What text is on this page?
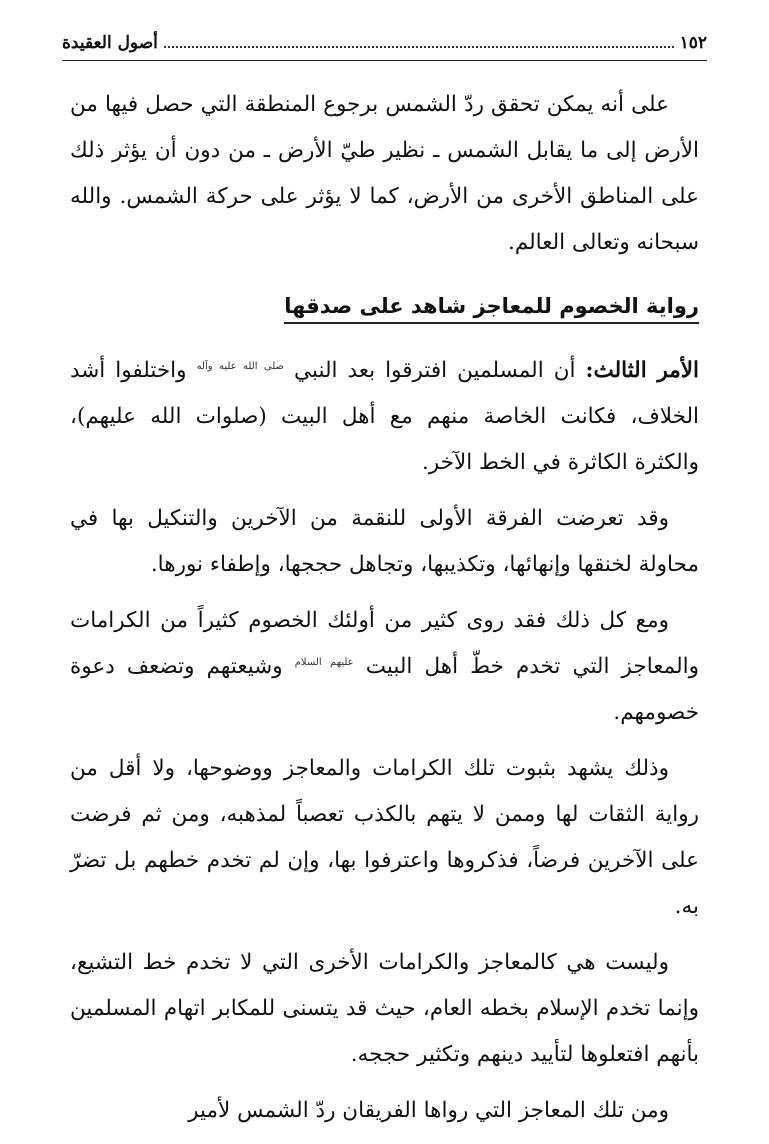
١٥٢
أصول العقيدة

على أنه يمكن تحقق ردّ الشمس برجوع المنطقة التي حصل فيها من الأرض إلى ما يقابل الشمس ـ نظير طيّ الأرض ـ من دون أن يؤثر ذلك على المناطق الأخرى من الأرض، كما لا يؤثر على حركة الشمس. والله سبحانه وتعالى العالم.

رواية الخصوم للمعاجز شاهد على صدقها

الأمر الثالث: أن المسلمين افترقوا بعد النبي $^{صلى الله عليه وآله}$ واختلفوا أشد الخلاف، فكانت الخاصة منهم مع أهل البيت (صلوات الله عليهم)، والكثرة الكاثرة في الخط الآخر.

وقد تعرضت الفرقة الأولى للنقمة من الآخرين والتنكيل بها في محاولة لخنقها وإنهائها، وتكذيبها، وتجاهل حججها، وإطفاء نورها.

ومع كل ذلك فقد روى كثير من أولئك الخصوم كثيراً من الكرامات والمعاجز التي تخدم خطّ أهل البيت $^{عليهم السلام}$ وشيعتهم وتضعف دعوة خصومهم.

وذلك يشهد بثبوت تلك الكرامات والمعاجز ووضوحها، ولا أقل من رواية الثقات لها وممن لا يتهم بالكذب تعصباً لمذهبه، ومن ثم فرضت على الآخرين فرضاً، فذكروها واعترفوا بها، وإن لم تخدم خطهم بل تضرّ به.

وليست هي كالمعاجز والكرامات الأخرى التي لا تخدم خط التشيع، وإنما تخدم الإسلام بخطه العام، حيث قد يتسنى للمكابر اتهام المسلمين بأنهم افتعلوها لتأييد دينهم وتكثير حججه.

ومن تلك المعاجز التي رواها الفريقان ردّ الشمس لأمير
